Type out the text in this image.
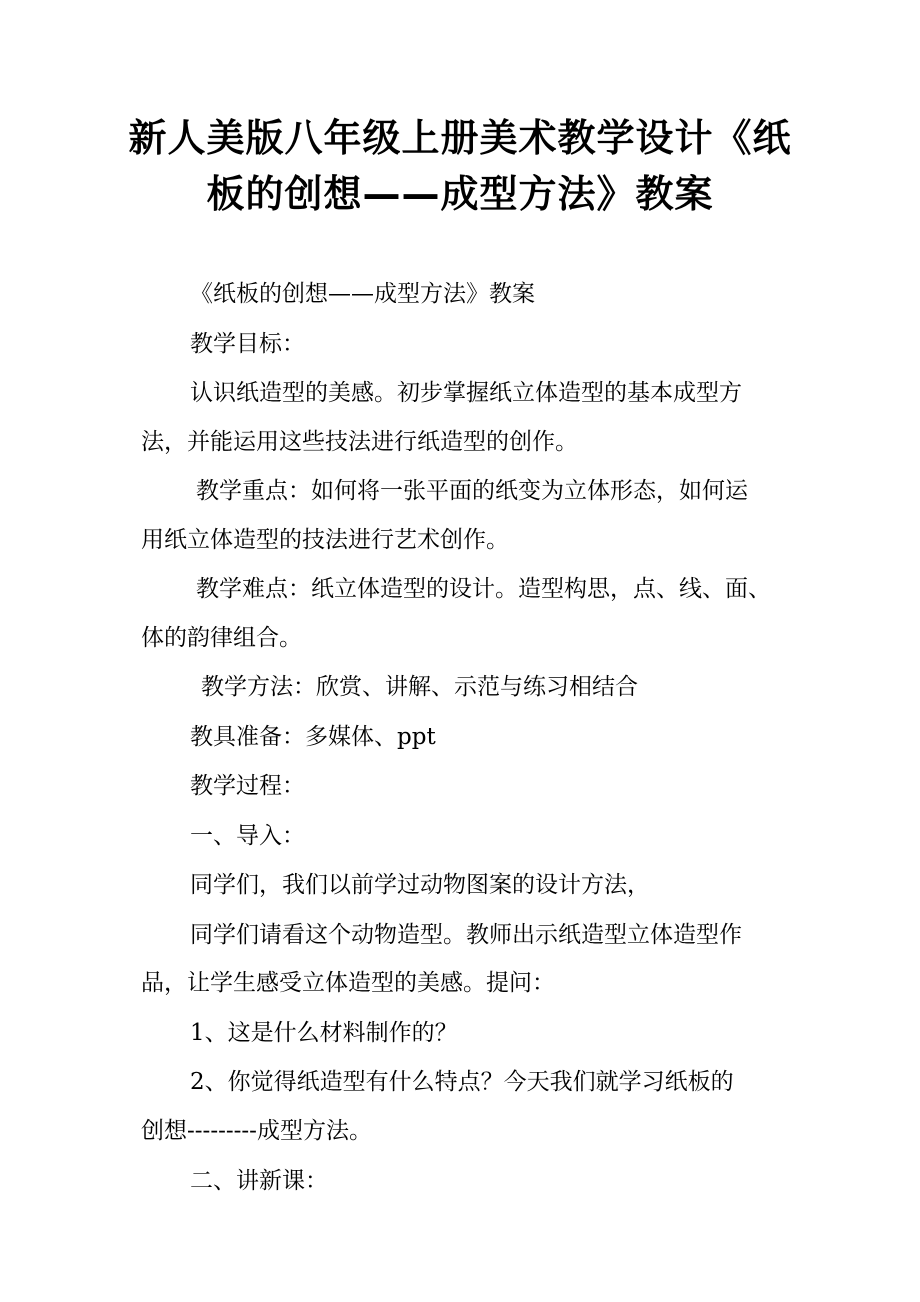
新人美版八年级上册美术教学设计《纸
板的创想——成型方法》教案
《纸板的创想——成型方法》教案
教学目标：
认识纸造型的美感。初步掌握纸立体造型的基本成型方
法，并能运用这些技法进行纸造型的创作。
教学重点：如何将一张平面的纸变为立体形态，如何运
用纸立体造型的技法进行艺术创作。
教学难点：纸立体造型的设计。造型构思，点、线、面、
体的韵律组合。
教学方法：欣赏、讲解、示范与练习相结合
教具准备：多媒体、ppt
教学过程：
一、导入：
同学们，我们以前学过动物图案的设计方法，
同学们请看这个动物造型。教师出示纸造型立体造型作
品，让学生感受立体造型的美感。提问：
1、这是什么材料制作的？
2、你觉得纸造型有什么特点？今天我们就学习纸板的
创想---------成型方法。
二、讲新课：
